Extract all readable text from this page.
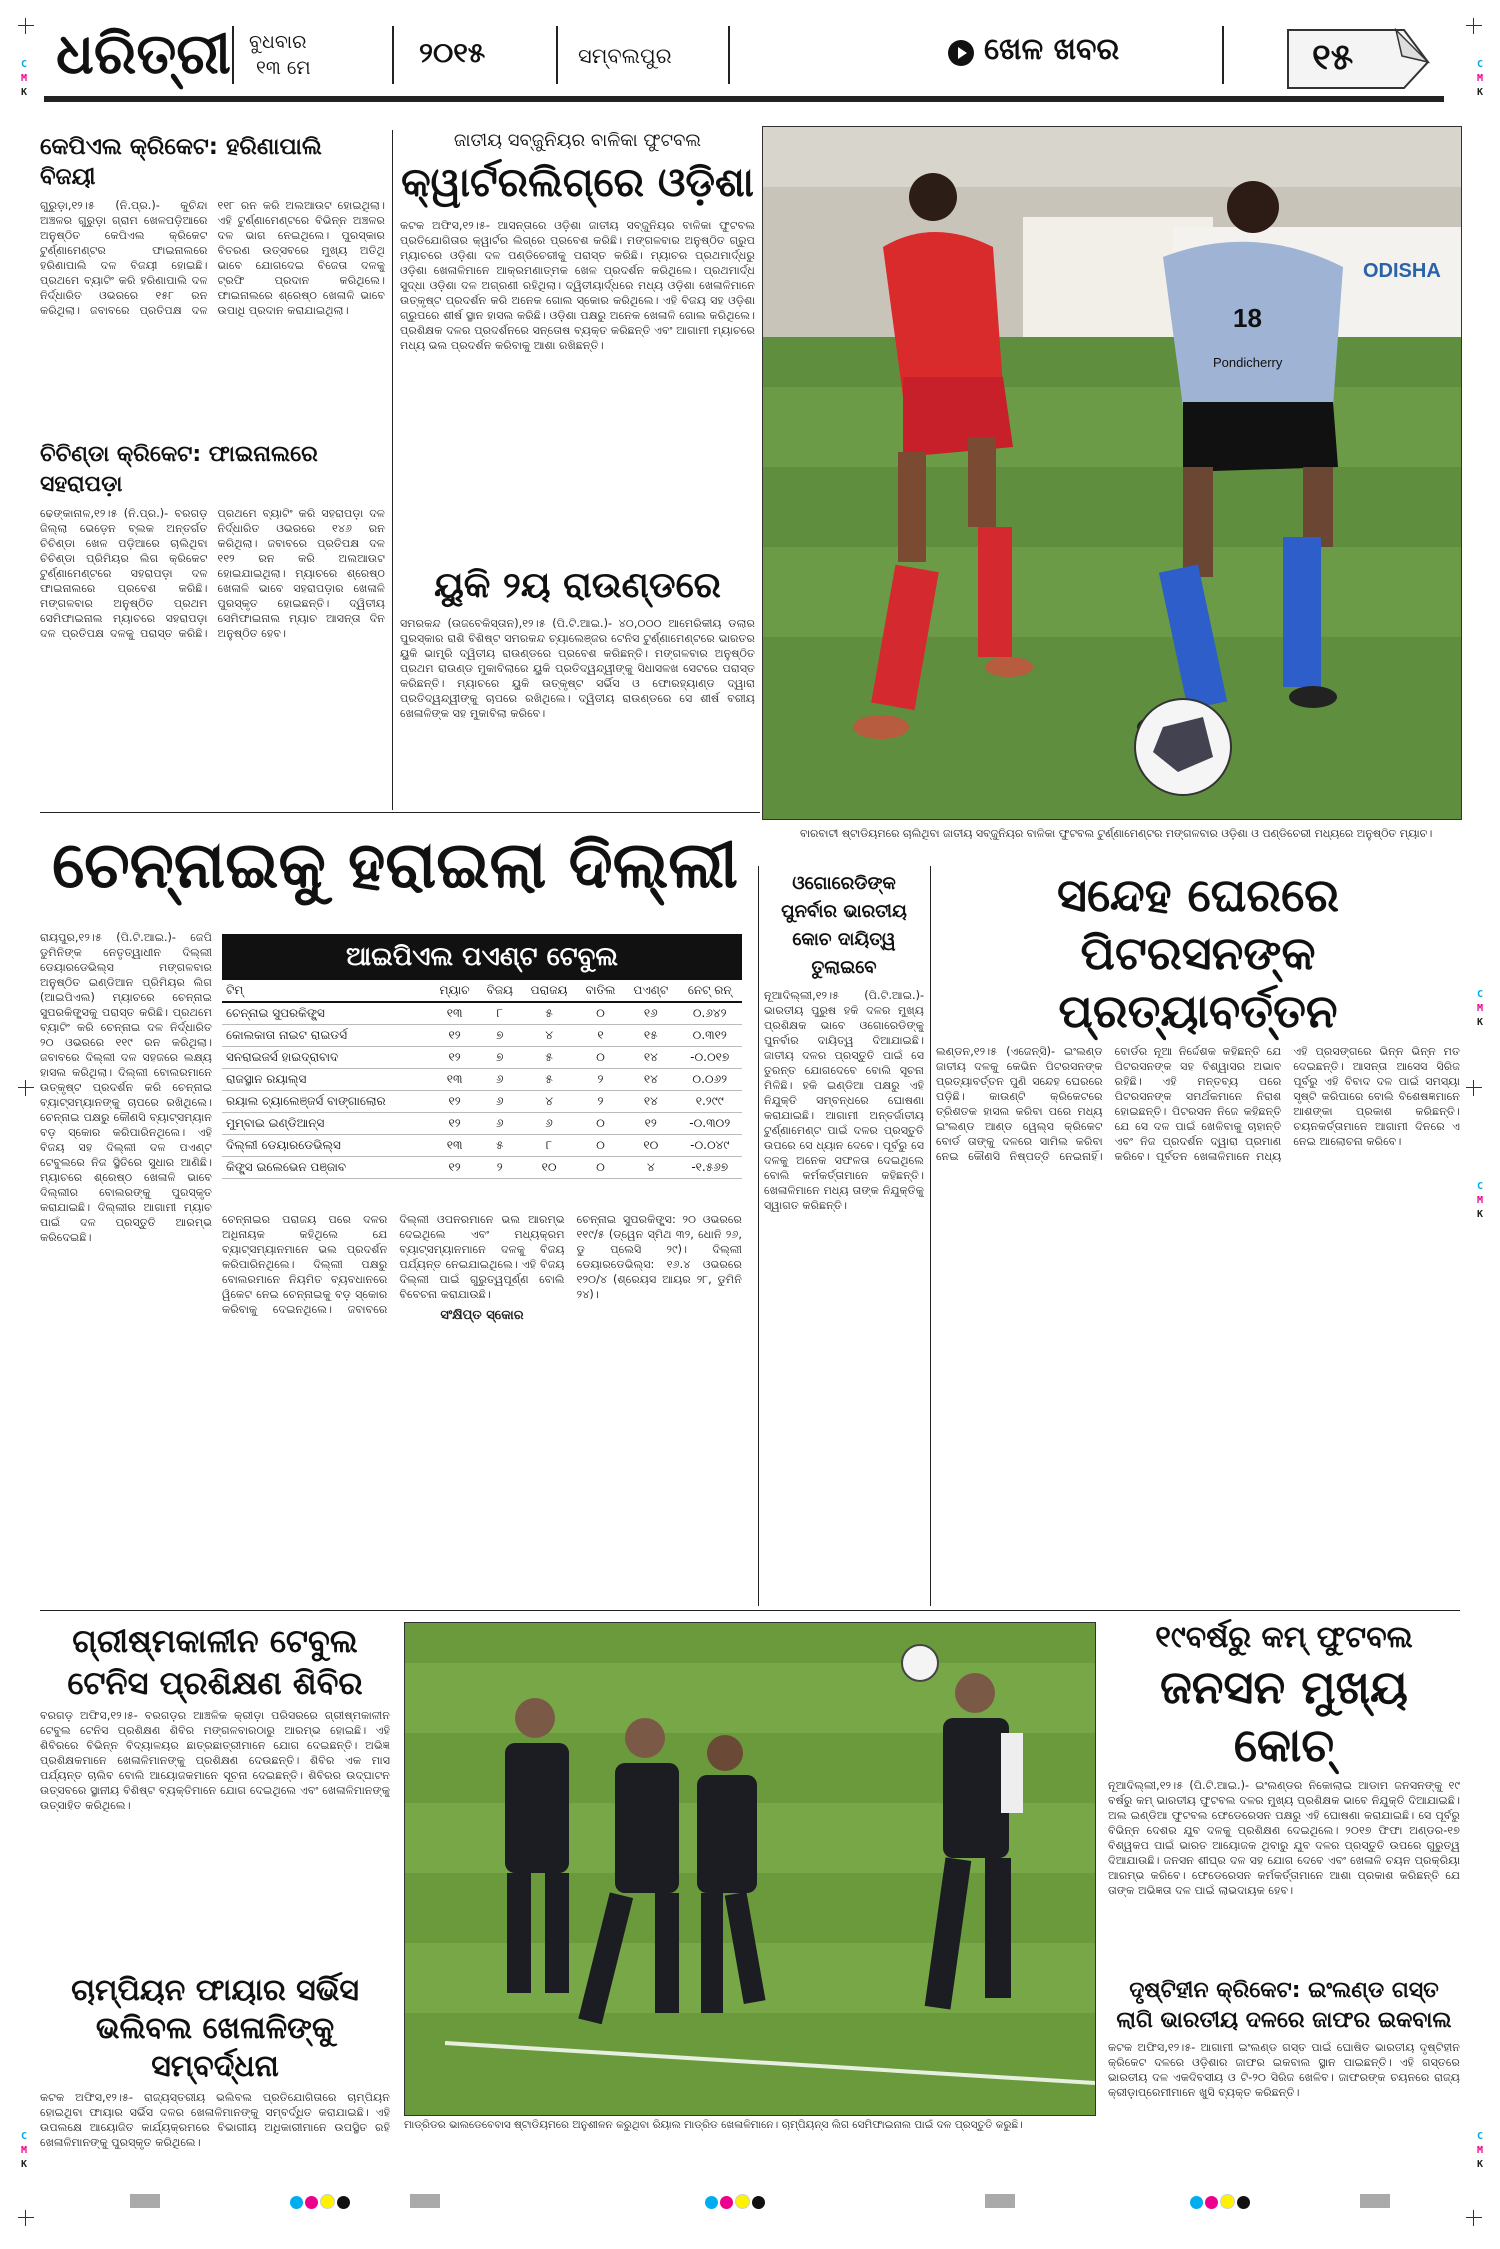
C
M
K
C
M
K
C
M
K
C
M
K
C
M
K
C
M
K
ଧରିତ୍ରୀ ବୁଧବାର
୧୩ ମେ	୨୦୧୫	ସମ୍ବଲପୁର	ଖେଳ ଖବର	୧୫
କେପିଏଲ କ୍ରିକେଟ: ହରିଣାପାଲି ବିଜୟୀ
ଗୁରୁଡ଼ା,୧୨।୫ (ନି.ପ୍ର.)- କୁଚିନ୍ଦା ଅଞ୍ଚଳର ଗୁରୁଡ଼ା ଗ୍ରାମ ଖେଳପଡ଼ିଆରେ ଅନୁଷ୍ଠିତ କେପିଏଲ କ୍ରିକେଟ ଟୁର୍ଣ୍ଣାମେଣ୍ଟର ଫାଇନାଲରେ ହରିଣାପାଲି ଦଳ ବିଜୟୀ ହୋଇଛି। ପ୍ରଥମେ ବ୍ୟାଟିଂ କରି ହରିଣାପାଲି ଦଳ ନିର୍ଦ୍ଧାରିତ ଓଭରରେ ୧୫୮ ରନ କରିଥିଲା। ଜବାବରେ ପ୍ରତିପକ୍ଷ ଦଳ ୧୧୮ ରନ କରି ଅଲଆଉଟ ହୋଇଥିଲା। ଏହି ଟୁର୍ଣ୍ଣାମେଣ୍ଟରେ ବିଭିନ୍ନ ଅଞ୍ଚଳର ଦଳ ଭାଗ ନେଇଥିଲେ। ପୁରସ୍କାର ବିତରଣ ଉତ୍ସବରେ ମୁଖ୍ୟ ଅତିଥି ଭାବେ ଯୋଗଦେଇ ବିଜେତା ଦଳକୁ ଟ୍ରଫି ପ୍ରଦାନ କରିଥିଲେ। ଫାଇନାଲରେ ଶ୍ରେଷ୍ଠ ଖେଳାଳି ଭାବେ ଉପାଧି ପ୍ରଦାନ କରାଯାଇଥିଲା।
ଚିଚିଣ୍ଡା କ୍ରିକେଟ: ଫାଇନାଲରେ ସହରାପଡ଼ା
ଢେଙ୍କାନାଳ,୧୨।୫ (ନି.ପ୍ର.)- ବରଗଡ଼ ଜିଲ୍ଲା ଭେଡ଼େନ ବ୍ଲକ ଅନ୍ତର୍ଗତ ଚିଚିଣ୍ଡା ଖେଳ ପଡ଼ିଆରେ ଚାଲିଥିବା ଚିଚିଣ୍ଡା ପ୍ରିମିୟର ଲିଗ କ୍ରିକେଟ ଟୁର୍ଣ୍ଣାମେଣ୍ଟରେ ସହରାପଡ଼ା ଦଳ ଫାଇନାଲରେ ପ୍ରବେଶ କରିଛି। ମଙ୍ଗଳବାର ଅନୁଷ୍ଠିତ ପ୍ରଥମ ସେମିଫାଇନାଲ ମ୍ୟାଚରେ ସହରାପଡ଼ା ଦଳ ପ୍ରତିପକ୍ଷ ଦଳକୁ ପରାସ୍ତ କରିଛି। ପ୍ରଥମେ ବ୍ୟାଟିଂ କରି ସହରାପଡ଼ା ଦଳ ନିର୍ଦ୍ଧାରିତ ଓଭରରେ ୧୪୬ ରନ କରିଥିଲା। ଜବାବରେ ପ୍ରତିପକ୍ଷ ଦଳ ୧୧୨ ରନ କରି ଅଲଆଉଟ ହୋଇଯାଇଥିଲା। ମ୍ୟାଚରେ ଶ୍ରେଷ୍ଠ ଖେଳାଳି ଭାବେ ସହରାପଡ଼ାର ଖେଳାଳି ପୁରସ୍କୃତ ହୋଇଛନ୍ତି। ଦ୍ୱିତୀୟ ସେମିଫାଇନାଲ ମ୍ୟାଚ ଆସନ୍ତା ଦିନ ଅନୁଷ୍ଠିତ ହେବ।
ଜାତୀୟ ସବ୍‌ଜୁନିୟର ବାଳିକା ଫୁଟବଲ
କ୍ୱାର୍ଟରଲିଗ୍‌ରେ ଓଡ଼ିଶା
କଟକ ଅଫିସ,୧୨।୫- ଆସନ୍ତାରେ ଓଡ଼ିଶା ଜାତୀୟ ସବ୍‌ଜୁନିୟର ବାଳିକା ଫୁଟବଲ ପ୍ରତିଯୋଗିତାର କ୍ୱାର୍ଟର ଲିଗ୍‌ରେ ପ୍ରବେଶ କରିଛି। ମଙ୍ଗଳବାର ଅନୁଷ୍ଠିତ ଗ୍ରୁପ ମ୍ୟାଚରେ ଓଡ଼ିଶା ଦଳ ପଣ୍ଡିଚେରୀକୁ ପରାସ୍ତ କରିଛି। ମ୍ୟାଚର ପ୍ରଥମାର୍ଦ୍ଧରୁ ଓଡ଼ିଶା ଖେଳାଳିମାନେ ଆକ୍ରମଣାତ୍ମକ ଖେଳ ପ୍ରଦର୍ଶନ କରିଥିଲେ। ପ୍ରଥମାର୍ଦ୍ଧ ସୁଦ୍ଧା ଓଡ଼ିଶା ଦଳ ଅଗ୍ରଣୀ ରହିଥିଲା। ଦ୍ୱିତୀୟାର୍ଦ୍ଧରେ ମଧ୍ୟ ଓଡ଼ିଶା ଖେଳାଳିମାନେ ଉତ୍କୃଷ୍ଟ ପ୍ରଦର୍ଶନ କରି ଅନେକ ଗୋଲ ସ୍କୋର କରିଥିଲେ। ଏହି ବିଜୟ ସହ ଓଡ଼ିଶା ଗ୍ରୁପରେ ଶୀର୍ଷ ସ୍ଥାନ ହାସଲ କରିଛି। ଓଡ଼ିଶା ପକ୍ଷରୁ ଅନେକ ଖେଳାଳି ଗୋଲ କରିଥିଲେ। ପ୍ରଶିକ୍ଷକ ଦଳର ପ୍ରଦର୍ଶନରେ ସନ୍ତୋଷ ବ୍ୟକ୍ତ କରିଛନ୍ତି ଏବଂ ଆଗାମୀ ମ୍ୟାଚରେ ମଧ୍ୟ ଭଲ ପ୍ରଦର୍ଶନ କରିବାକୁ ଆଶା ରଖିଛନ୍ତି।
ୟୁକି ୨ୟ ରାଉଣ୍ଡରେ
ସମରକନ୍ଦ (ଉଜବେକିସ୍ତାନ),୧୨।୫ (ପି.ଟି.ଆଇ.)- ୪୦,୦୦୦ ଆମେରିକୀୟ ଡଲାର ପୁରସ୍କାର ରାଶି ବିଶିଷ୍ଟ ସମରକନ୍ଦ ଚ୍ୟାଲେଞ୍ଜର ଟେନିସ ଟୁର୍ଣ୍ଣାମେଣ୍ଟରେ ଭାରତର ୟୁକି ଭାମ୍ବ୍ରି ଦ୍ୱିତୀୟ ରାଉଣ୍ଡରେ ପ୍ରବେଶ କରିଛନ୍ତି। ମଙ୍ଗଳବାର ଅନୁଷ୍ଠିତ ପ୍ରଥମ ରାଉଣ୍ଡ ମୁକାବିଲାରେ ୟୁକି ପ୍ରତିଦ୍ୱନ୍ଦ୍ୱୀଙ୍କୁ ସିଧାସଳଖ ସେଟରେ ପରାସ୍ତ କରିଛନ୍ତି। ମ୍ୟାଚରେ ୟୁକି ଉତ୍କୃଷ୍ଟ ସର୍ଭିସ ଓ ଫୋରହ୍ୟାଣ୍ଡ ଦ୍ୱାରା ପ୍ରତିଦ୍ୱନ୍ଦ୍ୱୀଙ୍କୁ ଚାପରେ ରଖିଥିଲେ। ଦ୍ୱିତୀୟ ରାଉଣ୍ଡରେ ସେ ଶୀର୍ଷ ବରୀୟ ଖେଳାଳିଙ୍କ ସହ ମୁକାବିଲା କରିବେ।
ODISHA
18
Pondicherry
ବାରବାଟୀ ଷ୍ଟାଡିୟମରେ ଚାଲିଥିବା ଜାତୀୟ ସବ୍‌ଜୁନିୟର ବାଳିକା ଫୁଟବଲ ଟୁର୍ଣ୍ଣାମେଣ୍ଟର ମଙ୍ଗଳବାର ଓଡ଼ିଶା ଓ ପଣ୍ଡିଚେରୀ ମଧ୍ୟରେ ଅନୁଷ୍ଠିତ ମ୍ୟାଚ।
ଚେନ୍ନାଇକୁ ହରାଇଲା ଦିଲ୍ଲୀ
ରାୟପୁର,୧୨।୫ (ପି.ଟି.ଆଇ.)- ଜେପି ଡୁମିନିଙ୍କ ନେତୃତ୍ୱାଧୀନ ଦିଲ୍ଲୀ ଡେୟାରଡେଭିଲ୍ସ ମଙ୍ଗଳବାର ଅନୁଷ୍ଠିତ ଇଣ୍ଡିଆନ ପ୍ରିମିୟର ଲିଗ (ଆଇପିଏଲ) ମ୍ୟାଚରେ ଚେନ୍ନାଇ ସୁପରକିଙ୍ଗ୍ସକୁ ପରାସ୍ତ କରିଛି। ପ୍ରଥମେ ବ୍ୟାଟିଂ କରି ଚେନ୍ନାଇ ଦଳ ନିର୍ଦ୍ଧାରିତ ୨୦ ଓଭରରେ ୧୧୯ ରନ କରିଥିଲା। ଜବାବରେ ଦିଲ୍ଲୀ ଦଳ ସହଜରେ ଲକ୍ଷ୍ୟ ହାସଲ କରିଥିଲା। ଦିଲ୍ଲୀ ବୋଲରମାନେ ଉତ୍କୃଷ୍ଟ ପ୍ରଦର୍ଶନ କରି ଚେନ୍ନାଇ ବ୍ୟାଟ୍ସମ୍ୟାନଙ୍କୁ ଚାପରେ ରଖିଥିଲେ। ଚେନ୍ନାଇ ପକ୍ଷରୁ କୌଣସି ବ୍ୟାଟ୍ସମ୍ୟାନ ବଡ଼ ସ୍କୋର କରିପାରିନଥିଲେ। ଏହି ବିଜୟ ସହ ଦିଲ୍ଲୀ ଦଳ ପଏଣ୍ଟ ଟେବୁଲରେ ନିଜ ସ୍ଥିତିରେ ସୁଧାର ଆଣିଛି। ମ୍ୟାଚରେ ଶ୍ରେଷ୍ଠ ଖେଳାଳି ଭାବେ ଦିଲ୍ଲୀର ବୋଲରଙ୍କୁ ପୁରସ୍କୃତ କରାଯାଇଛି। ଦିଲ୍ଲୀର ଆଗାମୀ ମ୍ୟାଚ ପାଇଁ ଦଳ ପ୍ରସ୍ତୁତି ଆରମ୍ଭ କରିଦେଇଛି।
ଆଇପିଏଲ ପଏଣ୍ଟ ଟେବୁଲ
ଟିମ୍	ମ୍ୟାଚ	ବିଜୟ	ପରାଜୟ	ବାତିଲ	ପଏଣ୍ଟ	ନେଟ୍ ରନ୍
ଚେନ୍ନାଇ ସୁପରକିଙ୍ଗ୍ସ	୧୩	୮	୫	୦	୧୬	୦.୬୪୨
କୋଲକାତା ନାଇଟ ରାଇଡର୍ସ	୧୨	୭	୪	୧	୧୫	୦.୩୧୨
ସନରାଇଜର୍ସ ହାଇଦ୍ରାବାଦ	୧୨	୭	୫	୦	୧୪	-୦.୦୧୭
ରାଜସ୍ଥାନ ରୟାଲ୍ସ	୧୩	୬	୫	୨	୧୪	୦.୦୬୨
ରୟାଲ ଚ୍ୟାଲେଞ୍ଜର୍ସ ବାଙ୍ଗାଲୋର	୧୨	୬	୪	୨	୧୪	୧.୨୯୯
ମୁମ୍ବାଇ ଇଣ୍ଡିଆନ୍ସ	୧୨	୬	୬	୦	୧୨	-୦.୩୦୨
ଦିଲ୍ଲୀ ଡେୟାରଡେଭିଲ୍ସ	୧୩	୫	୮	୦	୧୦	-୦.୦୪୯
କିଙ୍ଗ୍ସ ଇଲେଭେନ ପଞ୍ଜାବ	୧୨	୨	୧୦	୦	୪	-୧.୫୬୭
ଚେନ୍ନାଇର ପରାଜୟ ପରେ ଦଳର ଅଧିନାୟକ କହିଥିଲେ ଯେ ବ୍ୟାଟ୍ସମ୍ୟାନମାନେ ଭଲ ପ୍ରଦର୍ଶନ କରିପାରିନଥିଲେ। ଦିଲ୍ଲୀ ପକ୍ଷରୁ ବୋଲରମାନେ ନିୟମିତ ବ୍ୟବଧାନରେ ୱିକେଟ ନେଇ ଚେନ୍ନାଇକୁ ବଡ଼ ସ୍କୋର କରିବାକୁ ଦେଇନଥିଲେ। ଜବାବରେ ଦିଲ୍ଲୀ ଓପନରମାନେ ଭଲ ଆରମ୍ଭ ଦେଇଥିଲେ ଏବଂ ମଧ୍ୟକ୍ରମ ବ୍ୟାଟ୍ସମ୍ୟାନମାନେ ଦଳକୁ ବିଜୟ ପର୍ଯ୍ୟନ୍ତ ନେଇଯାଇଥିଲେ। ଏହି ବିଜୟ ଦିଲ୍ଲୀ ପାଇଁ ଗୁରୁତ୍ୱପୂର୍ଣ୍ଣ ବୋଲି ବିବେଚନା କରାଯାଉଛି।
ସଂକ୍ଷିପ୍ତ ସ୍କୋର
ଚେନ୍ନାଇ ସୁପରକିଙ୍ଗ୍ସ: ୨୦ ଓଭରରେ ୧୧୯/୫ (ଡ୍ୱେନ ସ୍ମିଥ ୩୨, ଧୋନି ୨୬, ଡୁ ପ୍ଲେସି ୨୯)। ଦିଲ୍ଲୀ ଡେୟାରଡେଭିଲ୍ସ: ୧୬.୪ ଓଭରରେ ୧୨୦/୪ (ଶ୍ରେୟସ ଆୟର ୨୮, ଡୁମିନି ୨୪)।
ଓଗୋରେଡିଙ୍କ ପୁନର୍ବାର ଭାରତୀୟ କୋଚ ଦାୟିତ୍ୱ ତୁଲାଇବେ
ନୂଆଦିଲ୍ଲୀ,୧୨।୫ (ପି.ଟି.ଆଇ.)- ଭାରତୀୟ ପୁରୁଷ ହକି ଦଳର ମୁଖ୍ୟ ପ୍ରଶିକ୍ଷକ ଭାବେ ଓଗୋରେଡିଙ୍କୁ ପୁନର୍ବାର ଦାୟିତ୍ୱ ଦିଆଯାଇଛି। ଜାତୀୟ ଦଳର ପ୍ରସ୍ତୁତି ପାଇଁ ସେ ତୁରନ୍ତ ଯୋଗଦେବେ ବୋଲି ସୂଚନା ମିଳିଛି। ହକି ଇଣ୍ଡିଆ ପକ୍ଷରୁ ଏହି ନିଯୁକ୍ତି ସମ୍ବନ୍ଧରେ ଘୋଷଣା କରାଯାଇଛି। ଆଗାମୀ ଅନ୍ତର୍ଜାତୀୟ ଟୁର୍ଣ୍ଣାମେଣ୍ଟ ପାଇଁ ଦଳର ପ୍ରସ୍ତୁତି ଉପରେ ସେ ଧ୍ୟାନ ଦେବେ। ପୂର୍ବରୁ ସେ ଦଳକୁ ଅନେକ ସଫଳତା ଦେଇଥିଲେ ବୋଲି କର୍ମକର୍ତ୍ତାମାନେ କହିଛନ୍ତି। ଖେଳାଳିମାନେ ମଧ୍ୟ ତାଙ୍କ ନିଯୁକ୍ତିକୁ ସ୍ୱାଗତ କରିଛନ୍ତି।
ସନ୍ଦେହ ଘେରରେ ପିଟରସନଙ୍କ ପ୍ରତ୍ୟାବର୍ତ୍ତନ
ଲଣ୍ଡନ,୧୨।୫ (ଏଜେନ୍ସି)- ଇଂଲଣ୍ଡ ଜାତୀୟ ଦଳକୁ କେଭିନ ପିଟରସନଙ୍କ ପ୍ରତ୍ୟାବର୍ତ୍ତନ ପୁଣି ସନ୍ଦେହ ଘେରରେ ପଡ଼ିଛି। କାଉଣ୍ଟି କ୍ରିକେଟରେ ତ୍ରିଶତକ ହାସଲ କରିବା ପରେ ମଧ୍ୟ ଇଂଲଣ୍ଡ ଆଣ୍ଡ ୱେଲ୍ସ କ୍ରିକେଟ ବୋର୍ଡ ତାଙ୍କୁ ଦଳରେ ସାମିଲ କରିବା ନେଇ କୌଣସି ନିଷ୍ପତ୍ତି ନେଇନାହିଁ। ବୋର୍ଡର ନୂଆ ନିର୍ଦ୍ଦେଶକ କହିଛନ୍ତି ଯେ ପିଟରସନଙ୍କ ସହ ବିଶ୍ୱାସର ଅଭାବ ରହିଛି। ଏହି ମନ୍ତବ୍ୟ ପରେ ପିଟରସନଙ୍କ ସମର୍ଥକମାନେ ନିରାଶ ହୋଇଛନ୍ତି। ପିଟରସନ ନିଜେ କହିଛନ୍ତି ଯେ ସେ ଦଳ ପାଇଁ ଖେଳିବାକୁ ଚାହାନ୍ତି ଏବଂ ନିଜ ପ୍ରଦର୍ଶନ ଦ୍ୱାରା ପ୍ରମାଣ କରିବେ। ପୂର୍ବତନ ଖେଳାଳିମାନେ ମଧ୍ୟ ଏହି ପ୍ରସଙ୍ଗରେ ଭିନ୍ନ ଭିନ୍ନ ମତ ଦେଇଛନ୍ତି। ଆସନ୍ତା ଆସେସ ସିରିଜ ପୂର୍ବରୁ ଏହି ବିବାଦ ଦଳ ପାଇଁ ସମସ୍ୟା ସୃଷ୍ଟି କରିପାରେ ବୋଲି ବିଶେଷଜ୍ଞମାନେ ଆଶଙ୍କା ପ୍ରକାଶ କରିଛନ୍ତି। ଚୟନକର୍ତ୍ତାମାନେ ଆଗାମୀ ଦିନରେ ଏ ନେଇ ଆଲୋଚନା କରିବେ।
ଗ୍ରୀଷ୍ମକାଳୀନ ଟେବୁଲ ଟେନିସ ପ୍ରଶିକ୍ଷଣ ଶିବିର
ବରଗଡ଼ ଅଫିସ,୧୨।୫- ବରଗଡ଼ର ଆଞ୍ଚଳିକ କ୍ରୀଡ଼ା ପରିସରରେ ଗ୍ରୀଷ୍ମକାଳୀନ ଟେବୁଲ ଟେନିସ ପ୍ରଶିକ୍ଷଣ ଶିବିର ମଙ୍ଗଳବାରଠାରୁ ଆରମ୍ଭ ହୋଇଛି। ଏହି ଶିବିରରେ ବିଭିନ୍ନ ବିଦ୍ୟାଳୟର ଛାତ୍ରଛାତ୍ରୀମାନେ ଯୋଗ ଦେଇଛନ୍ତି। ଅଭିଜ୍ଞ ପ୍ରଶିକ୍ଷକମାନେ ଖେଳାଳିମାନଙ୍କୁ ପ୍ରଶିକ୍ଷଣ ଦେଉଛନ୍ତି। ଶିବିର ଏକ ମାସ ପର୍ଯ୍ୟନ୍ତ ଚାଲିବ ବୋଲି ଆୟୋଜକମାନେ ସୂଚନା ଦେଇଛନ୍ତି। ଶିବିରର ଉଦ୍‌ଘାଟନ ଉତ୍ସବରେ ସ୍ଥାନୀୟ ବିଶିଷ୍ଟ ବ୍ୟକ୍ତିମାନେ ଯୋଗ ଦେଇଥିଲେ ଏବଂ ଖେଳାଳିମାନଙ୍କୁ ଉତ୍ସାହିତ କରିଥିଲେ।
ଚାମ୍ପିୟନ ଫାୟାର ସର୍ଭିସ ଭଲିବଲ ଖେଳାଳିଙ୍କୁ ସମ୍ବର୍ଦ୍ଧନା
କଟକ ଅଫିସ,୧୨।୫- ରାଜ୍ୟସ୍ତରୀୟ ଭଲିବଲ ପ୍ରତିଯୋଗିତାରେ ଚାମ୍ପିୟନ ହୋଇଥିବା ଫାୟାର ସର୍ଭିସ ଦଳର ଖେଳାଳିମାନଙ୍କୁ ସମ୍ବର୍ଦ୍ଧିତ କରାଯାଇଛି। ଏହି ଉପଲକ୍ଷେ ଆୟୋଜିତ କାର୍ଯ୍ୟକ୍ରମରେ ବିଭାଗୀୟ ଅଧିକାରୀମାନେ ଉପସ୍ଥିତ ରହି ଖେଳାଳିମାନଙ୍କୁ ପୁରସ୍କୃତ କରିଥିଲେ।
ମାଡ୍ରିଡର ଭାଲଡେବେବାସ ଷ୍ଟାଡିୟମରେ ଅନୁଶୀଳନ କରୁଥିବା ରିୟାଲ ମାଡ୍ରିଡ ଖେଳାଳିମାନେ। ଚାମ୍ପିୟନ୍ସ ଲିଗ ସେମିଫାଇନାଲ ପାଇଁ ଦଳ ପ୍ରସ୍ତୁତି କରୁଛି।
୧୯ବର୍ଷରୁ କମ୍ ଫୁଟବଲ
ଜନସନ ମୁଖ୍ୟ କୋଚ୍
ନୂଆଦିଲ୍ଲୀ,୧୨।୫ (ପି.ଟି.ଆଇ.)- ଇଂଲଣ୍ଡର ନିକୋଲାଇ ଆଡାମ ଜନସନଙ୍କୁ ୧୯ ବର୍ଷରୁ କମ୍ ଭାରତୀୟ ଫୁଟବଲ ଦଳର ମୁଖ୍ୟ ପ୍ରଶିକ୍ଷକ ଭାବେ ନିଯୁକ୍ତି ଦିଆଯାଇଛି। ଅଲ ଇଣ୍ଡିଆ ଫୁଟବଲ ଫେଡେରେସନ ପକ୍ଷରୁ ଏହି ଘୋଷଣା କରାଯାଇଛି। ସେ ପୂର୍ବରୁ ବିଭିନ୍ନ ଦେଶର ଯୁବ ଦଳକୁ ପ୍ରଶିକ୍ଷଣ ଦେଇଥିଲେ। ୨୦୧୭ ଫିଫା ଅଣ୍ଡର-୧୭ ବିଶ୍ୱକପ ପାଇଁ ଭାରତ ଆୟୋଜକ ଥିବାରୁ ଯୁବ ଦଳର ପ୍ରସ୍ତୁତି ଉପରେ ଗୁରୁତ୍ୱ ଦିଆଯାଉଛି। ଜନସନ ଶୀଘ୍ର ଦଳ ସହ ଯୋଗ ଦେବେ ଏବଂ ଖେଳାଳି ଚୟନ ପ୍ରକ୍ରିୟା ଆରମ୍ଭ କରିବେ। ଫେଡେରେସନ କର୍ମକର୍ତ୍ତାମାନେ ଆଶା ପ୍ରକାଶ କରିଛନ୍ତି ଯେ ତାଙ୍କ ଅଭିଜ୍ଞତା ଦଳ ପାଇଁ ଲାଭଦାୟକ ହେବ।
ଦୃଷ୍ଟିହୀନ କ୍ରିକେଟ: ଇଂଲଣ୍ଡ ଗସ୍ତ ଲାଗି ଭାରତୀୟ ଦଳରେ ଜାଫର ଇକବାଲ
କଟକ ଅଫିସ,୧୨।୫- ଆଗାମୀ ଇଂଲଣ୍ଡ ଗସ୍ତ ପାଇଁ ଘୋଷିତ ଭାରତୀୟ ଦୃଷ୍ଟିହୀନ କ୍ରିକେଟ ଦଳରେ ଓଡ଼ିଶାର ଜାଫର ଇକବାଲ ସ୍ଥାନ ପାଇଛନ୍ତି। ଏହି ଗସ୍ତରେ ଭାରତୀୟ ଦଳ ଏକଦିବସୀୟ ଓ ଟି-୨୦ ସିରିଜ ଖେଳିବ। ଜାଫରଙ୍କ ଚୟନରେ ରାଜ୍ୟ କ୍ରୀଡ଼ାପ୍ରେମୀମାନେ ଖୁସି ବ୍ୟକ୍ତ କରିଛନ୍ତି।
